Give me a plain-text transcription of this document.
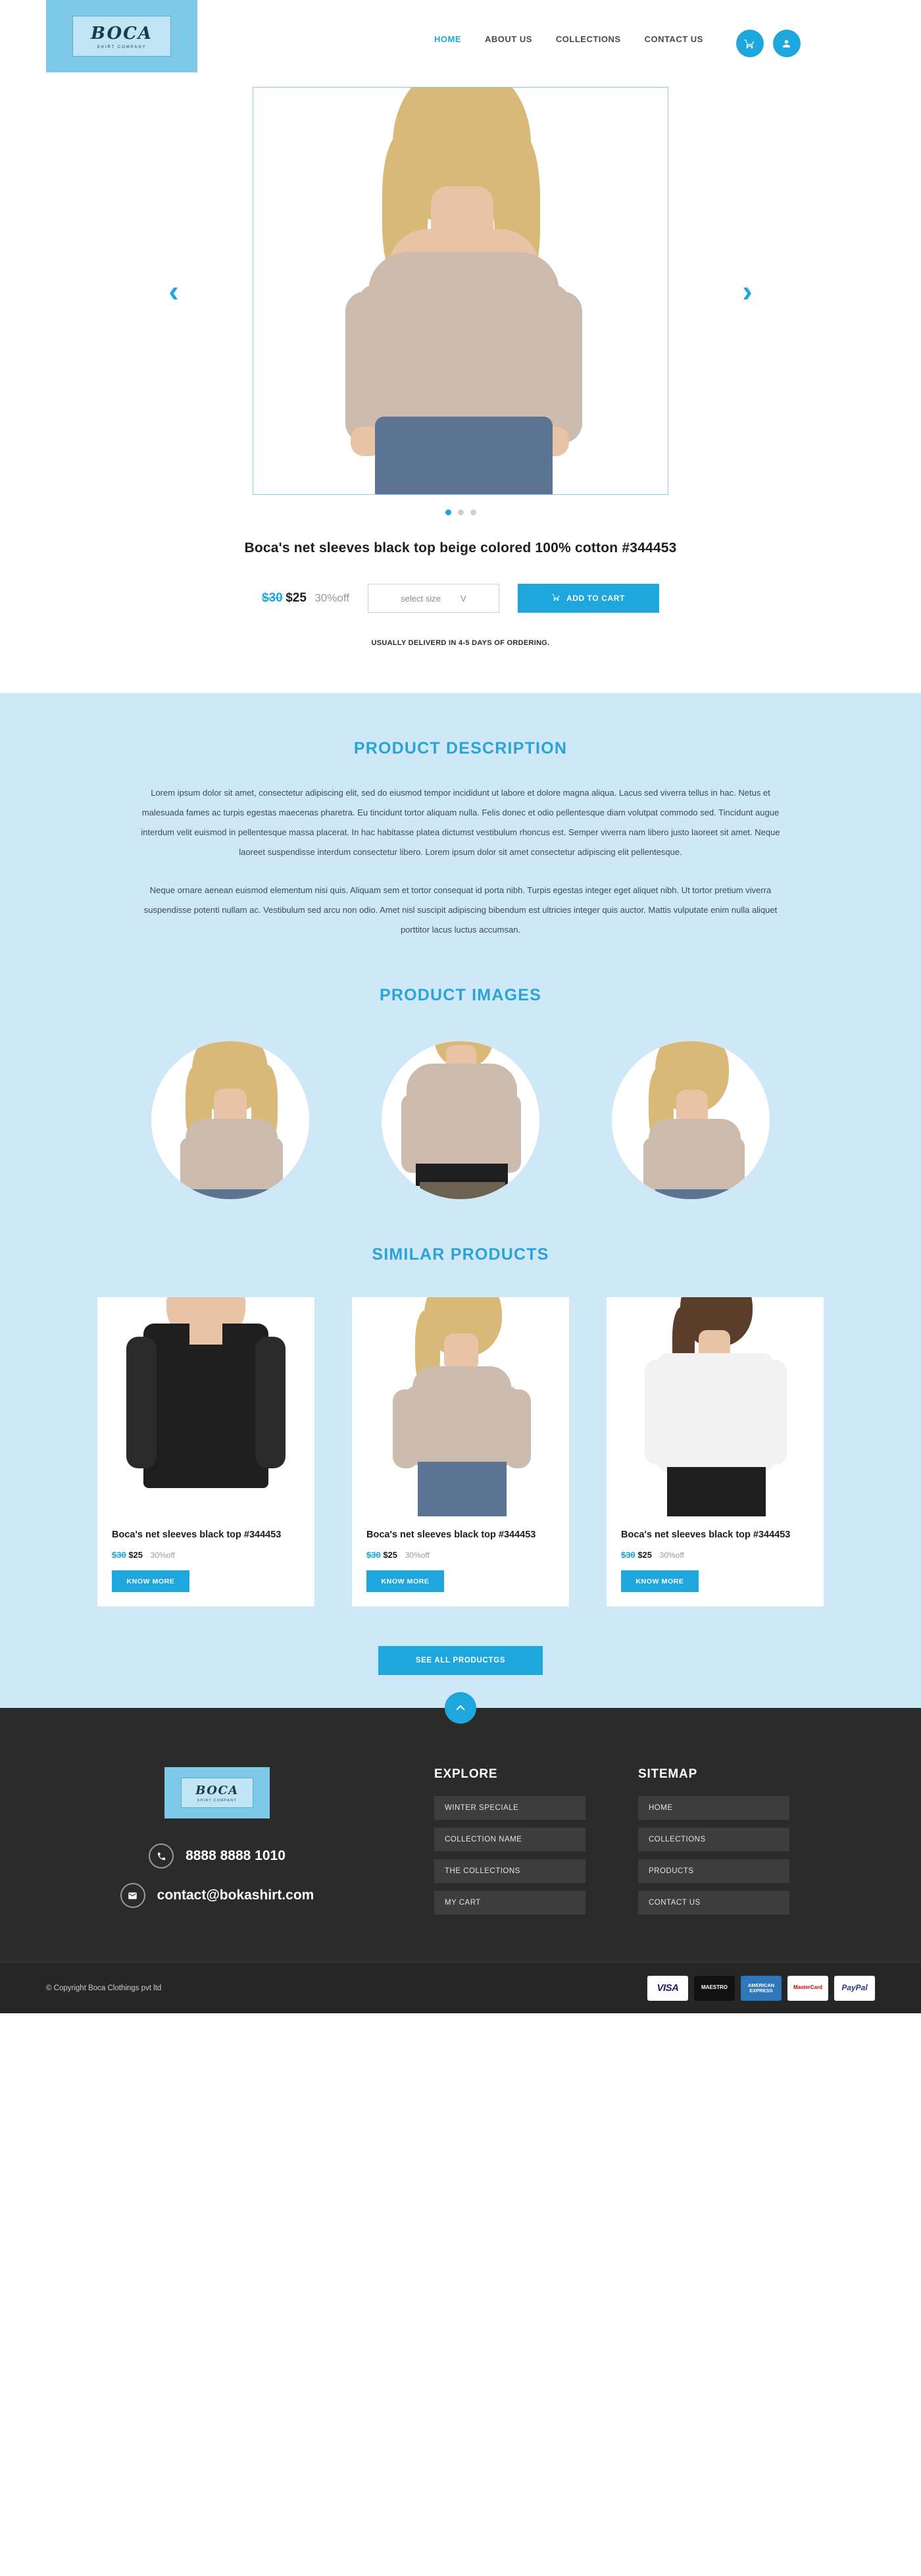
BOCA
SHIRT COMPANY
HOME	ABOUT US	COLLECTIONS	CONTACT US
‹	›
Boca's net sleeves black top beige colored 100% cotton #344453
$30 $25 30%off	select size V	ADD TO CART
USUALLY DELIVERD IN 4-5 DAYS OF ORDERING.
PRODUCT DESCRIPTION

Lorem ipsum dolor sit amet, consectetur adipiscing elit, sed do eiusmod tempor incididunt ut labore et dolore magna aliqua. Lacus sed viverra tellus in hac. Netus et malesuada fames ac turpis egestas maecenas pharetra. Eu tincidunt tortor aliquam nulla. Felis donec et odio pellentesque diam volutpat commodo sed. Tincidunt augue interdum velit euismod in pellentesque massa placerat. In hac habitasse platea dictumst vestibulum rhoncus est. Semper viverra nam libero justo laoreet sit amet. Neque laoreet suspendisse interdum consectetur libero. Lorem ipsum dolor sit amet consectetur adipiscing elit pellentesque.

Neque ornare aenean euismod elementum nisi quis. Aliquam sem et tortor consequat id porta nibh. Turpis egestas integer eget aliquet nibh. Ut tortor pretium viverra suspendisse potenti nullam ac. Vestibulum sed arcu non odio. Amet nisl suscipit adipiscing bibendum est ultricies integer quis auctor. Mattis vulputate enim nulla aliquet porttitor lacus luctus accumsan.

PRODUCT IMAGES
SIMILAR PRODUCTS
Boca's net sleeves black top #344453
$30 $25 30%off
KNOW MORE
Boca's net sleeves black top #344453
$30 $25 30%off
KNOW MORE
Boca's net sleeves black top #344453
$30 $25 30%off
KNOW MORE
SEE ALL PRODUCTGS
BOCA
SHIRT COMPANY
8888 8888 1010
contact@bokashirt.com
EXPLORE
WINTER SPECIALE
COLLECTION NAME
THE COLLECTIONS
MY CART
SITEMAP
HOME
COLLECTIONS
PRODUCTS
CONTACT US
© Copyright Boca Clothings pvt ltd	VISA	MAESTRO	AMERICAN EXPRESS	MasterCard	PayPal
